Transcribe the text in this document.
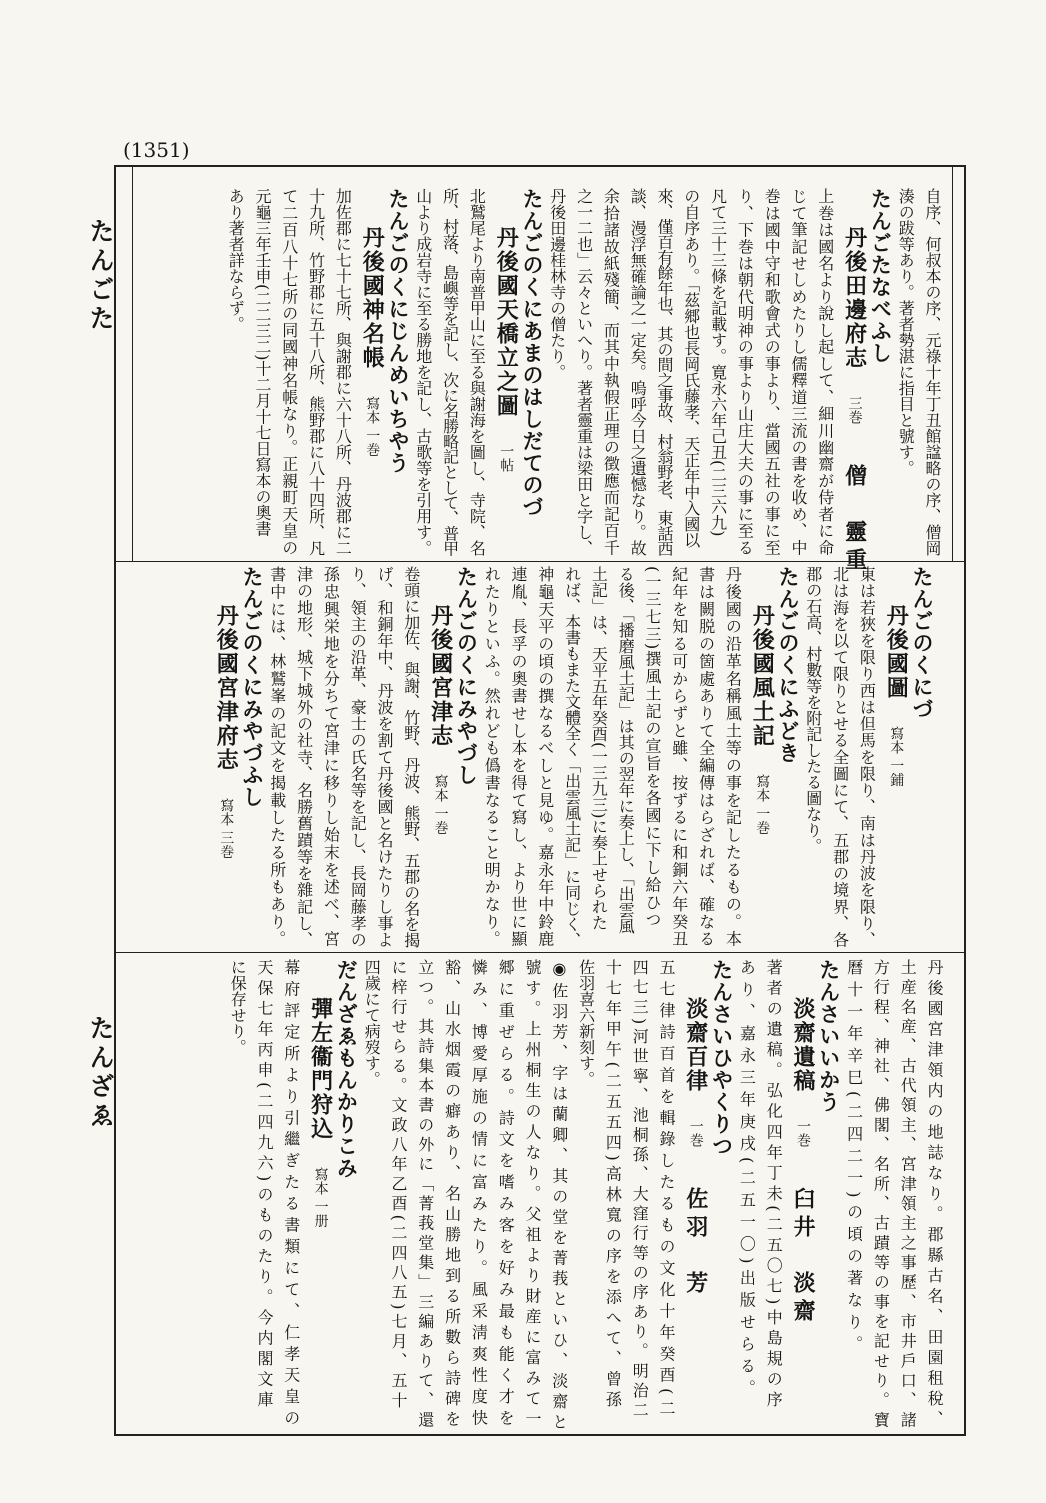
(1351)
たんごた
たんざゑ
自序、何叔本の序、元祿十年丁丑館諡略の序、僧岡
湊の跋等あり。著者勢湛に指目と號す。
たんごたなべふし
丹後田邊府志三巻僧　靈重
上巻は國名より說し起して、細川幽齋が侍者に命
じて筆記せしめたりし儒釋道三流の書を收め、中
巻は國中守和歌會式の事より、當國五社の事に至
り、下巻は朝代明神の事より山庄大夫の事に至る
凡て三十三條を記載す。寛永六年己丑(二三六九)
の自序あり。「茲郷也長岡氏藤孝、天正年中入國以
來、僅百有餘年也、其の間之事故、村翁野老、東話西
談、漫浮無確論之一定矣。嗚呼今日之遺憾なり。故
余拾諸故紙殘簡、而其中執假正理の徴應而記百千
之一二也」云々といへり。著者靈重は梁田と字し、
丹後田邊桂林寺の僧たり。
たんごのくにあまのはしだてのづ
丹後國天橋立之圖一帖
北鷲尾より南普甲山に至る與謝海を圖し、寺院、名
所、村落、島嶼等を記し、次に名勝略記として、普甲
山より成岩寺に至る勝地を記し、古歌等を引用す。
たんごのくにじんめいちやう
丹後國神名帳寫本 一巻
加佐郡に七十七所、與謝郡に六十八所、丹波郡に二
十九所、竹野郡に五十八所、熊野郡に八十四所、凡
て二百八十七所の同國神名帳なり。正親町天皇の
元龜三年壬申(二二三二)十二月十七日寫本の奧書
あり著者詳ならず。
たんごのくにづ
丹後國圖寫本 一鋪
東は若狹を限り西は但馬を限り、南は丹波を限り、
北は海を以て限りとせる全圖にて、五郡の境界、各
郡の石高、村數等を附記したる圖なり。
たんごのくにふどき
丹後國風土記寫本 一巻
丹後國の沿革名稱風土等の事を記したるもの。本
書は闕脱の箇處ありて全編傳はらざれば、確なる
紀年を知る可からずと雖、按ずるに和銅六年癸丑
(一三七三)撰風土記の宣旨を各國に下し給ひつ
る後、「播磨風土記」は其の翌年に奏上し、「出雲風
土記」は、天平五年癸酉(一三九三)に奏上せられた
れば、本書もまた文體全く「出雲風土記」に同じく、
神龜天平の頃の撰なるべしと見ゆ。嘉永年中鈴鹿
連胤、長孚の奧書せし本を得て寫し、より世に顯
れたりといふ。然れども僞書なること明かなり。
たんごのくにみやづし
丹後國宮津志寫本 一巻
卷頭に加佐、與謝、竹野、丹波、熊野、五郡の名を揭
げ、和銅年中、丹波を割て丹後國と名けたりし事よ
り、領主の沿革、豪士の氏名等を記し、長岡藤孝の
孫忠興栄地を分ちて宮津に移りし始末を述べ、宮
津の地形、城下城外の社寺、名勝舊蹟等を雜記し、
書中には、林鷲峯の記文を揭載したる所もあり。
たんごのくにみやづふし
丹後國宮津府志寫本 三巻
丹後國宮津領内の地誌なり。郡縣古名、田園租稅、
土産名産、古代領主、宮津領主之事歷、市井戶口、諸
方行程、神社、佛閣、名所、古蹟等の事を記せり。寶
曆十一年辛巳(二四二一)の頃の著なり。
たんさいいかう
淡齋遺稿一巻臼井　淡齋
著者の遺稿。弘化四年丁未(二五〇七)中島規の序
あり、嘉永三年庚戌(二五一〇)出版せらる。
たんさいひやくりつ
淡齋百律一巻佐羽　芳
五七律詩百首を輯錄したるもの文化十年癸酉(二
四七三)河世寧、池桐孫、大窪行等の序あり。明治二
十七年甲午(二五五四)高林寬の序を添へて、曾孫
佐羽喜六新刻す。
◉佐羽芳、字は蘭卿、其の堂を菁莪といひ、淡齋と
號す。上州桐生の人なり。父祖より財産に富みて一
郷に重ぜらる。詩文を嗜み客を好み最も能く才を
憐み、博愛厚施の情に富みたり。風采淸爽性度快
豁、山水烟霞の癖あり、名山勝地到る所數ら詩碑を
立つ。其詩集本書の外に「菁莪堂集」三編ありて、還
に梓行せらる。文政八年乙酉(二四八五)七月、五十
四歲にて病歿す。
だんざゑもんかりこみ
彈左衞門狩込寫本 一册
幕府評定所より引繼ぎたる書類にて、仁孝天皇の
天保七年丙申(二四九六)のものたり。今内閣文庫
に保存せり。
